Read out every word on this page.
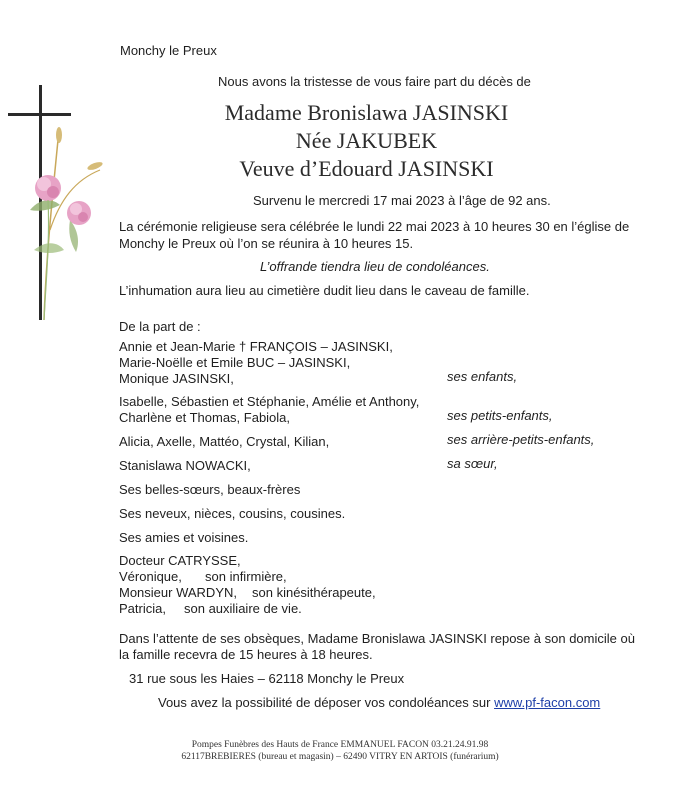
Monchy le Preux
Nous avons la tristesse de vous faire part du décès de
Madame Bronislawa JASINSKI
Née JAKUBEK
Veuve d’Edouard JASINSKI
Survenu le mercredi 17 mai 2023 à l’âge de 92 ans.
La cérémonie religieuse sera célébrée le lundi 22 mai 2023 à 10 heures 30 en l’église de
Monchy le Preux où l’on se réunira à 10 heures 15.
L’offrande tiendra lieu de condoléances.
L’inhumation aura lieu au cimetière dudit lieu dans le caveau de famille.
De la part de :
Annie et Jean-Marie † FRANÇOIS – JASINSKI,
Marie-Noëlle et Emile BUC – JASINSKI,
Monique JASINSKI,	ses enfants,
Isabelle, Sébastien et Stéphanie, Amélie et Anthony,
Charlène et Thomas, Fabiola,	ses petits-enfants,
Alicia, Axelle, Mattéo, Crystal, Kilian,	ses arrière-petits-enfants,
Stanislawa NOWACKI,	sa sœur,
Ses belles-sœurs, beaux-frères
Ses neveux, nièces, cousins, cousines.
Ses amies et voisines.
Docteur CATRYSSE,
Véronique, son infirmière,
Monsieur WARDYN, son kinésithérapeute,
Patricia, son auxiliaire de vie.
Dans l’attente de ses obsèques, Madame Bronislawa JASINSKI repose à son domicile où
la famille recevra de 15 heures à 18 heures.
31 rue sous les Haies – 62118 Monchy le Preux
Vous avez la possibilité de déposer vos condoléances sur www.pf-facon.com
Pompes Funèbres des Hauts de France EMMANUEL FACON 03.21.24.91.98
62117BREBIERES (bureau et magasin) – 62490 VITRY EN ARTOIS (funérarium)
